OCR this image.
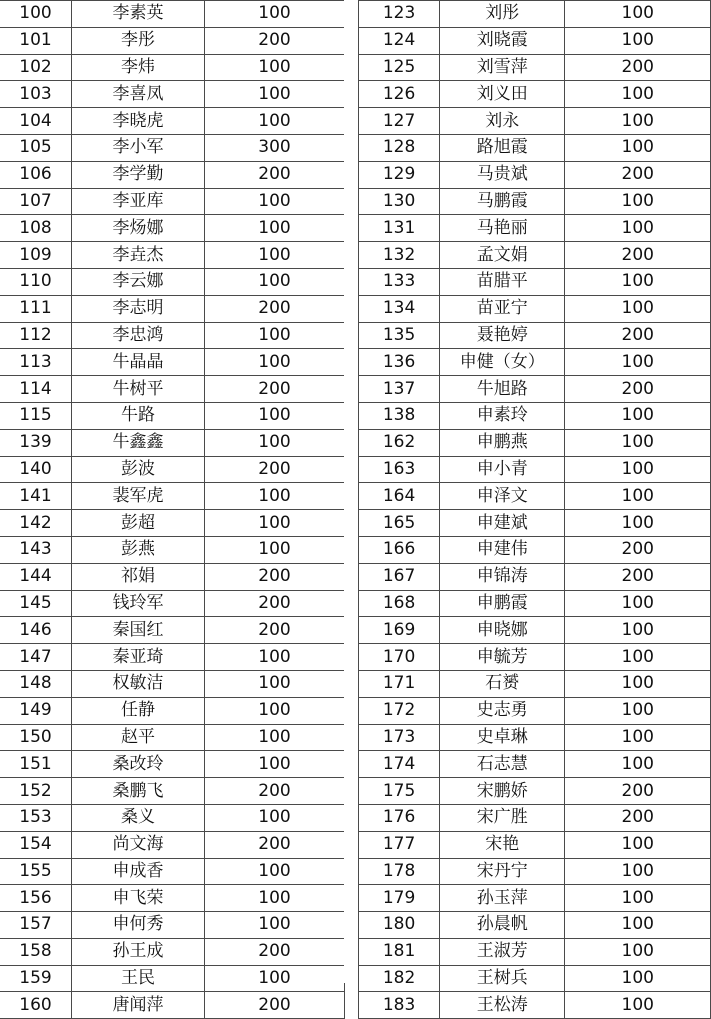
100	李素英	100
101	李彤	200
102	李炜	100
103	李喜凤	100
104	李晓虎	100
105	李小军	300
106	李学勤	200
107	李亚库	100
108	李炀娜	100
109	李垚杰	100
110	李云娜	100
111	李志明	200
112	李忠鸿	100
113	牛晶晶	100
114	牛树平	200
115	牛路	100
139	牛鑫鑫	100
140	彭波	200
141	裴军虎	100
142	彭超	100
143	彭燕	100
144	祁娟	200
145	钱玲军	200
146	秦国红	200
147	秦亚琦	100
148	权敏洁	100
149	任静	100
150	赵平	100
151	桑改玲	100
152	桑鹏飞	200
153	桑义	100
154	尚文海	200
155	申成香	100
156	申飞荣	100
157	申何秀	100
158	孙王成	200
159	王民	100
160	唐闻萍	200
123	刘彤	100
124	刘晓霞	100
125	刘雪萍	200
126	刘义田	100
127	刘永	100
128	路旭霞	100
129	马贵斌	200
130	马鹏霞	100
131	马艳丽	100
132	孟文娟	200
133	苗腊平	100
134	苗亚宁	100
135	聂艳婷	200
136	申健（女）	100
137	牛旭路	200
138	申素玲	100
162	申鹏燕	100
163	申小青	100
164	申泽文	100
165	申建斌	100
166	申建伟	200
167	申锦涛	200
168	申鹏霞	100
169	申晓娜	100
170	申毓芳	100
171	石赟	100
172	史志勇	100
173	史卓琳	100
174	石志慧	100
175	宋鹏娇	200
176	宋广胜	200
177	宋艳	100
178	宋丹宁	100
179	孙玉萍	100
180	孙晨帆	100
181	王淑芳	100
182	王树兵	100
183	王松涛	100
